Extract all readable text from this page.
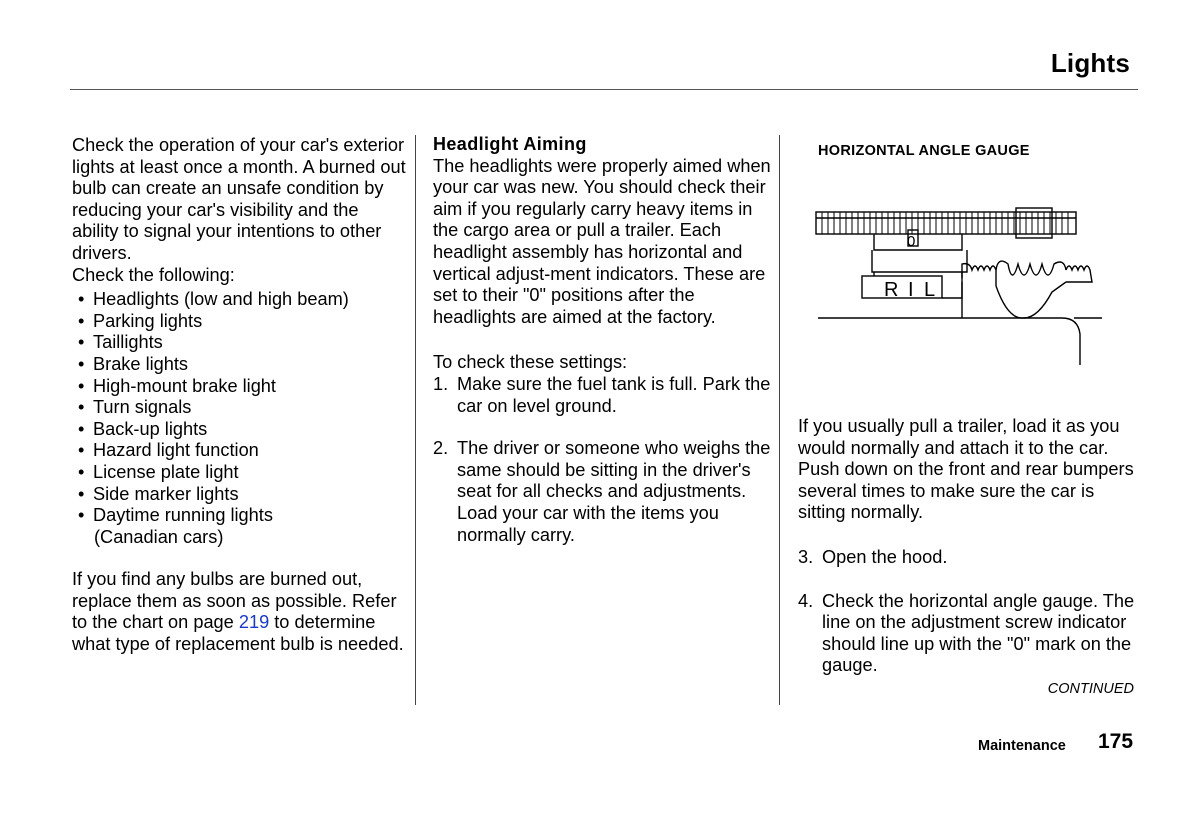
Lights

Check the operation of your car's exterior lights at least once a month. A burned out bulb can create an unsafe condition by reducing your car's visibility and the ability to signal your intentions to other drivers.

Check the following:

• Headlights (low and high beam)
• Parking lights
• Taillights
• Brake lights
• High-mount brake light
• Turn signals
• Back-up lights
• Hazard light function
• License plate light
• Side marker lights
• Daytime running lights

(Canadian cars)

If you find any bulbs are burned out, replace them as soon as possible. Refer to the chart on page 219 to determine what type of replacement bulb is needed.

Headlight Aiming

The headlights were properly aimed when your car was new. You should check their aim if you regularly carry heavy items in the cargo area or pull a trailer. Each headlight assembly has horizontal and vertical adjust-ment indicators. These are set to their "0" positions after the headlights are aimed at the factory.

To check these settings:

1. Make sure the fuel tank is full. Park the car on level ground.
2. The driver or someone who weighs the same should be sitting in the driver's seat for all checks and adjustments.
Load your car with the items you normally carry.
HORIZONTAL ANGLE GAUGE
0
R I L

If you usually pull a trailer, load it as you would normally and attach it to the car. Push down on the front and rear bumpers several times to make sure the car is sitting normally.

3. Open the hood.
4. Check the horizontal angle gauge. The line on the adjustment screw indicator should line up with the "0" mark on the gauge.
CONTINUED
Maintenance 175
